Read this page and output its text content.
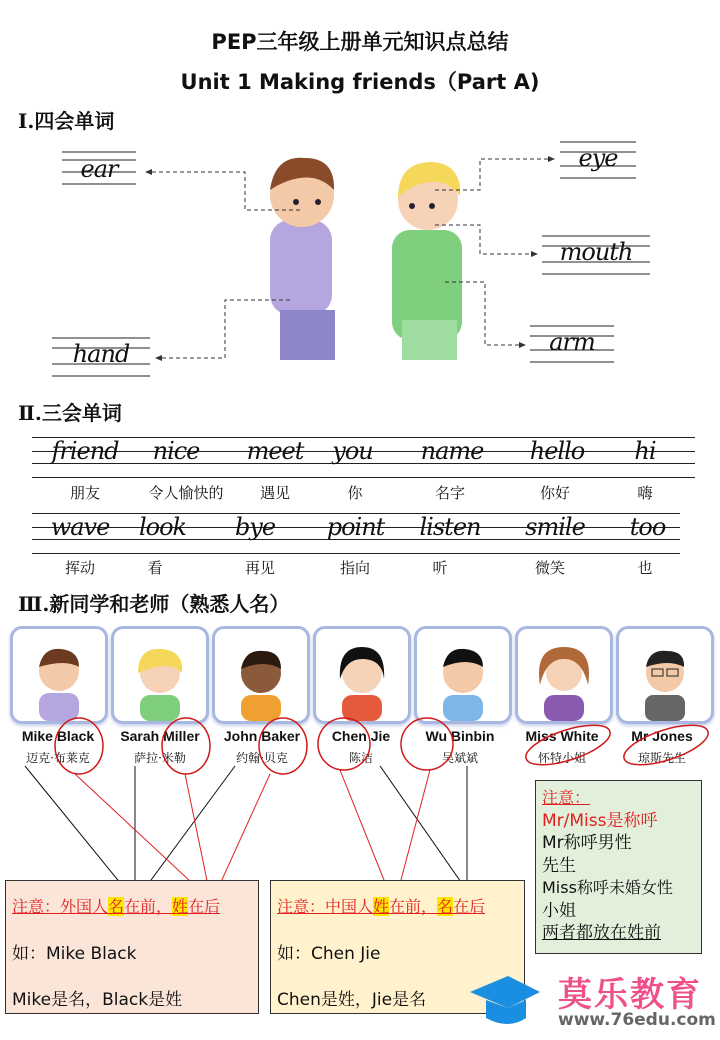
PEP三年级上册单元知识点总结
Unit 1 Making friends（Part A)
Ⅰ.四会单词
ear	eye
mouth
arm
hand
Ⅱ.三会单词
friend	nice	meet	you	name	hello	hi
朋友	令人愉快的	遇见	你	名字	你好	嗨
wave	look	bye	point	listen	smile	too
挥动	看	再见	指向	听	微笑	也
Ⅲ.新同学和老师（熟悉人名）
Mike Black	Sarah Miller	John Baker	Chen Jie	Wu Binbin	Miss White	Mr Jones
迈克·布莱克	萨拉·米勒	约翰·贝克	陈洁	吴斌斌	怀特小姐	琼斯先生
注意：外国人名在前，姓在后
如：Mike Black
Mike是名，Black是姓
注意：中国人姓在前，名在后
如：Chen Jie
Chen是姓，Jie是名
注意：
Mr/Miss是称呼
Mr称呼男性
先生
Miss称呼未婚女性
小姐
两者都放在姓前
莫乐教育
www.76edu.com
